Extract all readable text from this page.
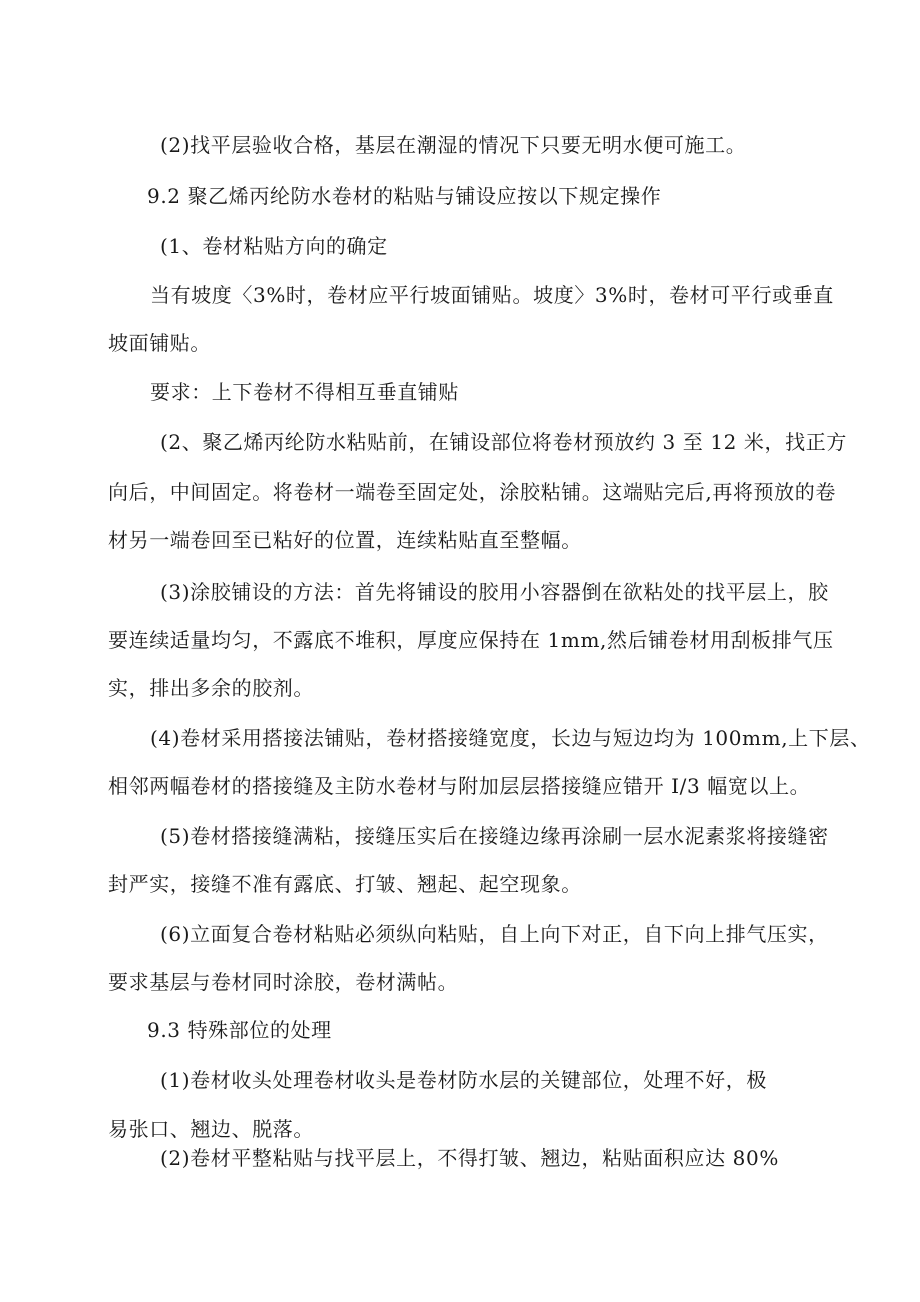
(2)找平层验收合格，基层在潮湿的情况下只要无明水便可施工。
9.2 聚乙烯丙纶防水卷材的粘贴与铺设应按以下规定操作
(1、卷材粘贴方向的确定
当有坡度〈3%时，卷材应平行坡面铺贴。坡度〉3%时，卷材可平行或垂直
坡面铺贴。
要求：上下卷材不得相互垂直铺贴
(2、聚乙烯丙纶防水粘贴前，在铺设部位将卷材预放约 3 至 12 米，找正方
向后，中间固定。将卷材一端卷至固定处，涂胶粘铺。这端贴完后,再将预放的卷
材另一端卷回至已粘好的位置，连续粘贴直至整幅。
(3)涂胶铺设的方法：首先将铺设的胶用小容器倒在欲粘处的找平层上，胶
要连续适量均匀，不露底不堆积，厚度应保持在 1mm,然后铺卷材用刮板排气压
实，排出多余的胶剂。
(4)卷材采用搭接法铺贴，卷材搭接缝宽度，长边与短边均为 100mm,上下层、
相邻两幅卷材的搭接缝及主防水卷材与附加层层搭接缝应错开 I/3 幅宽以上。
(5)卷材搭接缝满粘，接缝压实后在接缝边缘再涂刷一层水泥素浆将接缝密
封严实，接缝不准有露底、打皱、翘起、起空现象。
(6)立面复合卷材粘贴必须纵向粘贴，自上向下对正，自下向上排气压实，
要求基层与卷材同时涂胶，卷材满帖。
9.3 特殊部位的处理
(1)卷材收头处理卷材收头是卷材防水层的关键部位，处理不好，极
易张口、翘边、脱落。
(2)卷材平整粘贴与找平层上，不得打皱、翘边，粘贴面积应达 80%
